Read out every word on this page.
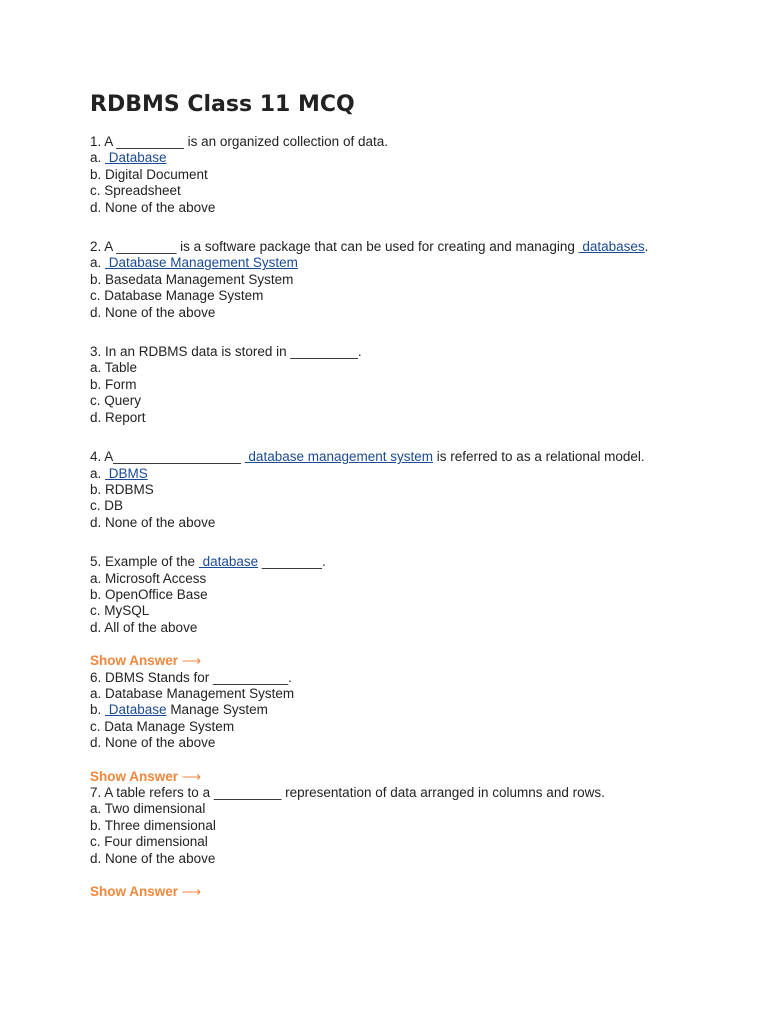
RDBMS Class 11 MCQ
1. A _________ is an organized collection of data.
a.  Database
b. Digital Document
c. Spreadsheet
d. None of the above
2. A ________ is a software package that can be used for creating and managing  databases.
a.  Database Management System
b. Basedata Management System
c. Database Manage System
d. None of the above
3. In an RDBMS data is stored in _________.
a. Table
b. Form
c. Query
d. Report
4. A_________________  database management system is referred to as a relational model.
a.  DBMS
b. RDBMS
c. DB
d. None of the above
5. Example of the  database ________.
a. Microsoft Access
b. OpenOffice Base
c. MySQL
d. All of the above
Show Answer ⟶
6. DBMS Stands for __________.
a. Database Management System
b.  Database Manage System
c. Data Manage System
d. None of the above
Show Answer ⟶
7. A table refers to a _________ representation of data arranged in columns and rows.
a. Two dimensional
b. Three dimensional
c. Four dimensional
d. None of the above
Show Answer ⟶
